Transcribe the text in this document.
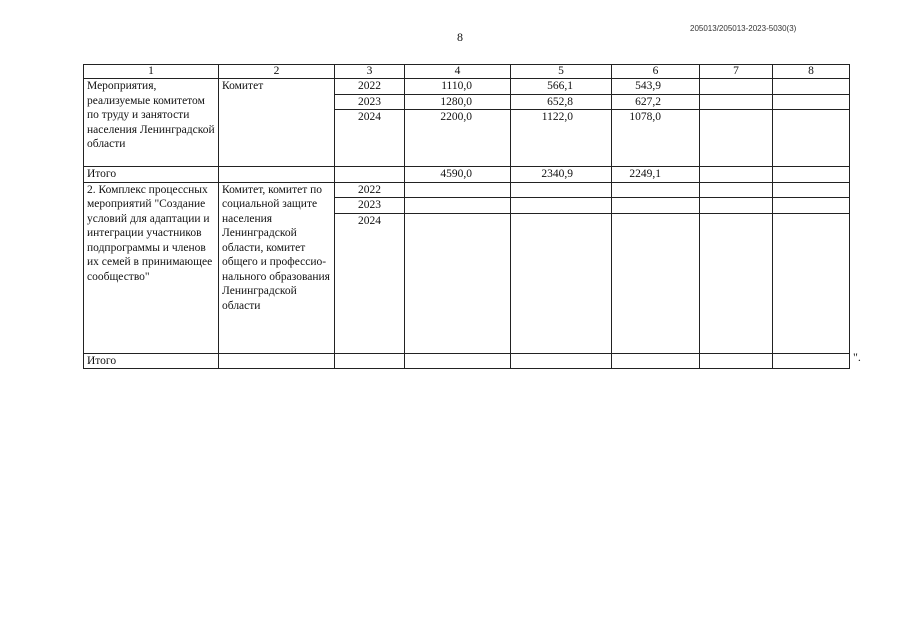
8
205013/205013-2023-5030(3)
1	2	3	4	5	6	7	8
Мероприятия, реализуемые комитетом по труду и занятости населения Ленинградской области	Комитет	2022	1110,0	566,1	543,9		
		2023	1280,0	652,8	627,2		
		2024	2200,0	1122,0	1078,0		
Итого			4590,0	2340,9	2249,1		
2. Комплекс процессных мероприятий "Создание условий для адаптации и интеграции участников подпрограммы и членов их семей в принимающее сообщество"	Комитет, комитет по социальной защите населения Ленинградской области, комитет общего и профессио-нального образования Ленинградской области	2022					
		2023					
		2024					
Итого								".
